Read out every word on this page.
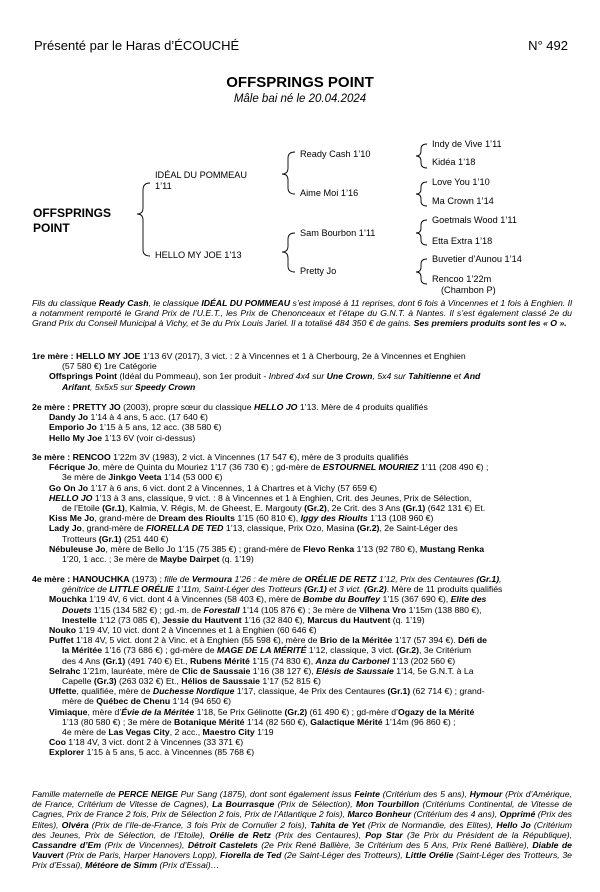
Présenté par le Haras d’ÉCOUCHÉ	N° 492
OFFSPRINGS POINT
Mâle bai né le 20.04.2024
OFFSPRINGS
POINT
IDÉAL DU POMMEAU
1’11
HELLO MY JOE 1’13
Ready Cash 1’10
Aime Moi 1’16
Sam Bourbon 1’11
Pretty Jo
Indy de Vive 1’11
Kidéa 1’18
Love You 1’10
Ma Crown 1’14
Goetmals Wood 1’11
Etta Extra 1’18
Buvetier d’Aunou 1’14
Rencoo 1’22m
(Chambon P)
Fils du classique Ready Cash, le classique IDÉAL DU POMMEAU s’est imposé à 11 reprises, dont 6 fois à Vincennes et 1 fois à Enghien. Il a notamment remporté le Grand Prix de l’U.E.T., les Prix de Chenonceaux et l’étape du G.N.T. à Nantes. Il s’est également classé 2e du Grand Prix du Conseil Municipal à Vichy, et 3e du Prix Louis Jariel. Il a totalisé 484 350 € de gains. Ses premiers produits sont les « O ».
1re mère : HELLO MY JOE 1’13 6V (2017), 3 vict. : 2 à Vincennes et 1 à Cherbourg, 2e à Vincennes et Enghien
(57 580 €) 1re Catégorie
Offsprings Point (Idéal du Pommeau), son 1er produit - Inbred 4x4 sur Une Crown, 5x4 sur Tahitienne et And
Arifant, 5x5x5 sur Speedy Crown
2e mère : PRETTY JO (2003), propre sœur du classique HELLO JO 1’13. Mère de 4 produits qualifiés
Dandy Jo 1’14 à 4 ans, 5 acc. (17 640 €)
Emporio Jo 1’15 à 5 ans, 12 acc. (38 580 €)
Hello My Joe 1’13 6V (voir ci-dessus)
3e mère : RENCOO 1’22m 3V (1983), 2 vict. à Vincennes (17 547 €), mère de 3 produits qualifiés
Fécrique Jo, mère de Quinta du Mouriez 1’17 (36 730 €) ; gd-mère de ESTOURNEL MOURIEZ 1’11 (208 490 €) ;
3e mère de Jinkgo Veeta 1’14 (53 000 €)
Go On Jo 1’17 à 6 ans, 6 vict. dont 2 à Vincennes, 1 à Chartres et à Vichy (57 659 €)
HELLO JO 1’13 à 3 ans, classique, 9 vict. : 8 à Vincennes et 1 à Enghien, Crit. des Jeunes, Prix de Sélection,
de l’Etoile (Gr.1), Kalmia, V. Régis, M. de Gheest, E. Margouty (Gr.2), 2e Crit. des 3 Ans (Gr.1) (642 131 €) Et.
Kiss Me Jo, grand-mère de Dream des Rioults 1’15 (60 810 €), Iggy des Rioults 1’13 (108 960 €)
Lady Jo, grand-mère de FIORELLA DE TED 1’13, classique, Prix Ozo, Masina (Gr.2), 2e Saint-Léger des
Trotteurs (Gr.1) (251 440 €)
Nébuleuse Jo, mère de Bello Jo 1’15 (75 385 €) ; grand-mère de Flevo Renka 1’13 (92 780 €), Mustang Renka
1’20, 1 acc. ; 3e mère de Maybe Dairpet (q. 1’19)
4e mère : HANOUCHKA (1973) ; fille de Vermoura 1’26 : 4e mère de ORÉLIE DE RETZ 1’12, Prix des Centaures (Gr.1),
génitrice de LITTLE ORÉLIE 1’11m, Saint-Léger des Trotteurs (Gr.1) et 3 vict. (Gr.2). Mère de 11 produits qualifiés
Mouchka 1’19 4V, 6 vict. dont 4 à Vincennes (58 403 €), mère de Bombe du Bouffey 1’15 (367 690 €), Elite des
Douets 1’15 (134 582 €) ; gd.-m. de Forestall 1’14 (105 876 €) ; 3e mère de Vilhena Vro 1’15m (138 880 €),
Inestelle 1’12 (73 085 €), Jessie du Hautvent 1’16 (32 840 €), Marcus du Hautvent (q. 1’19)
Nouko 1’19 4V, 10 vict. dont 2 à Vincennes et 1 à Enghien (60 646 €)
Puffet 1’18 4V, 5 vict. dont 2 à Vinc. et à Enghien (55 598 €), mère de Brio de la Méritée 1’17 (57 394 €). Défi de
la Méritée 1’16 (73 686 €) ; gd-mère de MAGE DE LA MÉRITÉ 1’12, classique, 3 vict. (Gr.2), 3e Critérium
des 4 Ans (Gr.1) (491 740 €) Et., Rubens Mérité 1’15 (74 830 €), Anza du Carbonel 1’13 (202 560 €)
Selrahc 1’21m, lauréate, mère de Clic de Saussaie 1’16 (38 127 €), Elésis de Saussaie 1’14, 5e G.N.T. à La
Capelle (Gr.3) (263 032 €) Et., Hélios de Saussaie 1’17 (52 815 €)
Uffette, qualifiée, mère de Duchesse Nordique 1’17, classique, 4e Prix des Centaures (Gr.1) (62 714 €) ; grand-
mère de Québec de Chenu 1’14 (94 650 €)
Vimiaque, mère d’Évie de la Méritée 1’18, 5e Prix Gélinotte (Gr.2) (61 490 €) ; gd-mère d’Ogazy de la Mérité
1’13 (80 580 €) ; 3e mère de Botanique Mérité 1’14 (82 560 €), Galactique Mérité 1’14m (96 860 €) ;
4e mère de Las Vegas City, 2 acc., Maestro City 1’19
Coo 1’18 4V, 3 vict. dont 2 à Vincennes (33 371 €)
Explorer 1’15 à 5 ans, 5 acc. à Vincennes (85 768 €)
Famille maternelle de PERCE NEIGE Pur Sang (1875), dont sont également issus Feinte (Critérium des 5 ans), Hymour (Prix d’Amérique, de France, Critérium de Vitesse de Cagnes), La Bourrasque (Prix de Sélection), Mon Tourbillon (Critériums Continental, de Vitesse de Cagnes, Prix de France 2 fois, Prix de Sélection 2 fois, Prix de l’Atlantique 2 fois), Marco Bonheur (Critérium des 4 ans), Opprimé (Prix des Elites), Olvéra (Prix de l’Ile-de-France, 3 fois Prix de Cornulier 2 fois), Tahita de Yet (Prix de Normandie, des Elites), Hello Jo (Critérium des Jeunes, Prix de Sélection, de l’Etoile), Orélie de Retz (Prix des Centaures), Pop Star (3e Prix du Président de la République), Cassandre d’Em (Prix de Vincennes), Détroit Castelets (2e Prix René Ballière, 3e Critérium des 5 Ans, Prix René Ballière), Diable de Vauvert (Prix de Paris, Harper Hanovers Lopp), Fiorella de Ted (2e Saint-Léger des Trotteurs), Little Orélie (Saint-Léger des Trotteurs, 3e Prix d’Essai), Météore de Simm (Prix d’Essai)…
